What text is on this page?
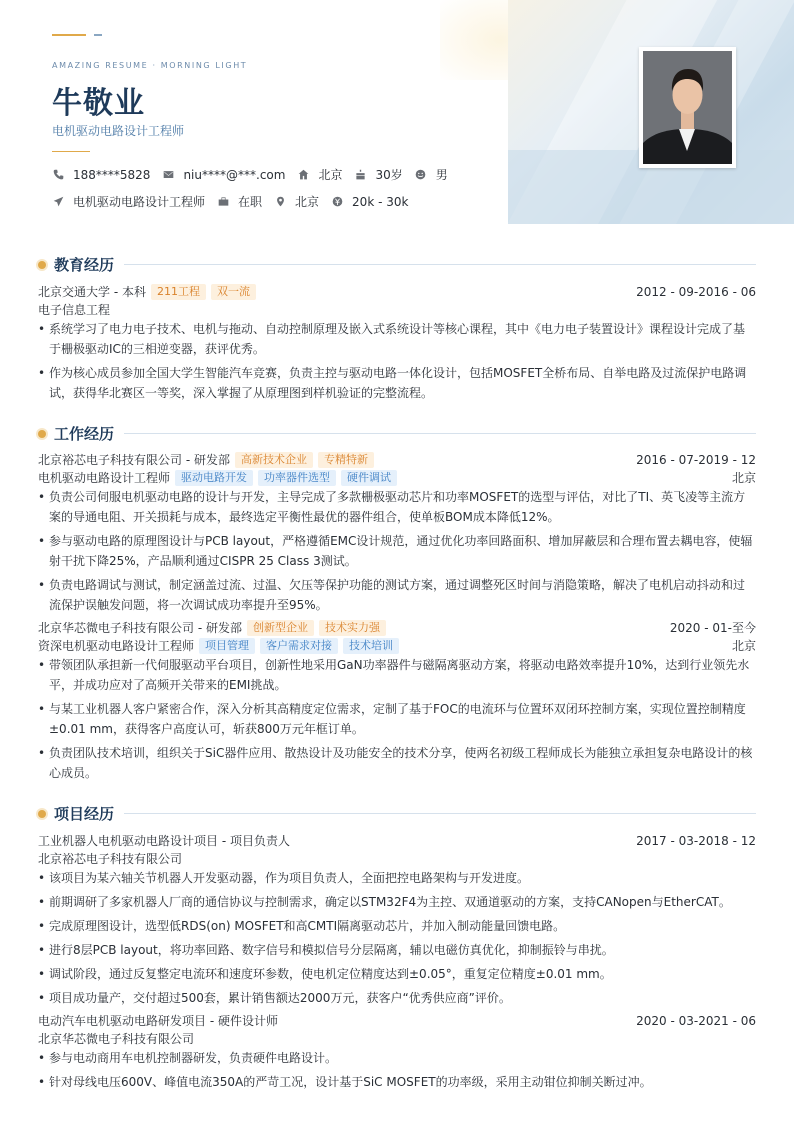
AMAZING RESUME · MORNING LIGHT
牛敬业
电机驱动电路设计工程师
188****5828	niu****@***.com	北京	30岁	男
电机驱动电路设计工程师	在职	北京	20k - 30k
教育经历
北京交通大学 - 本科	211工程	双一流	2012 - 09-2016 - 06
电子信息工程
• 系统学习了电力电子技术、电机与拖动、自动控制原理及嵌入式系统设计等核心课程，其中《电力电子装置设计》课程设计完成了基于栅极驱动IC的三相逆变器，获评优秀。
• 作为核心成员参加全国大学生智能汽车竞赛，负责主控与驱动电路一体化设计，包括MOSFET全桥布局、自举电路及过流保护电路调试，获得华北赛区一等奖，深入掌握了从原理图到样机验证的完整流程。
工作经历
北京裕芯电子科技有限公司 - 研发部	高新技术企业	专精特新	2016 - 07-2019 - 12
电机驱动电路设计工程师	驱动电路开发	功率器件选型	硬件调试	北京
• 负责公司伺服电机驱动电路的设计与开发，主导完成了多款栅极驱动芯片和功率MOSFET的选型与评估，对比了TI、英飞凌等主流方案的导通电阻、开关损耗与成本，最终选定平衡性最优的器件组合，使单板BOM成本降低12%。
• 参与驱动电路的原理图设计与PCB layout，严格遵循EMC设计规范，通过优化功率回路面积、增加屏蔽层和合理布置去耦电容，使辐射干扰下降25%，产品顺利通过CISPR 25 Class 3测试。
• 负责电路调试与测试，制定涵盖过流、过温、欠压等保护功能的测试方案，通过调整死区时间与消隐策略，解决了电机启动抖动和过流保护误触发问题，将一次调试成功率提升至95%。
北京华芯微电子科技有限公司 - 研发部	创新型企业	技术实力强	2020 - 01-至今
资深电机驱动电路设计工程师	项目管理	客户需求对接	技术培训	北京
• 带领团队承担新一代伺服驱动平台项目，创新性地采用GaN功率器件与磁隔离驱动方案，将驱动电路效率提升10%，达到行业领先水平，并成功应对了高频开关带来的EMI挑战。
• 与某工业机器人客户紧密合作，深入分析其高精度定位需求，定制了基于FOC的电流环与位置环双闭环控制方案，实现位置控制精度±0.01 mm，获得客户高度认可，斩获800万元年框订单。
• 负责团队技术培训，组织关于SiC器件应用、散热设计及功能安全的技术分享，使两名初级工程师成长为能独立承担复杂电路设计的核心成员。
项目经历
工业机器人电机驱动电路设计项目 - 项目负责人	2017 - 03-2018 - 12
北京裕芯电子科技有限公司
• 该项目为某六轴关节机器人开发驱动器，作为项目负责人，全面把控电路架构与开发进度。
• 前期调研了多家机器人厂商的通信协议与控制需求，确定以STM32F4为主控、双通道驱动的方案，支持CANopen与EtherCAT。
• 完成原理图设计，选型低RDS(on) MOSFET和高CMTI隔离驱动芯片，并加入制动能量回馈电路。
• 进行8层PCB layout，将功率回路、数字信号和模拟信号分层隔离，辅以电磁仿真优化，抑制振铃与串扰。
• 调试阶段，通过反复整定电流环和速度环参数，使电机定位精度达到±0.05°，重复定位精度±0.01 mm。
• 项目成功量产，交付超过500套，累计销售额达2000万元，获客户“优秀供应商”评价。
电动汽车电机驱动电路研发项目 - 硬件设计师	2020 - 03-2021 - 06
北京华芯微电子科技有限公司
• 参与电动商用车电机控制器研发，负责硬件电路设计。
• 针对母线电压600V、峰值电流350A的严苛工况，设计基于SiC MOSFET的功率级，采用主动钳位抑制关断过冲。
